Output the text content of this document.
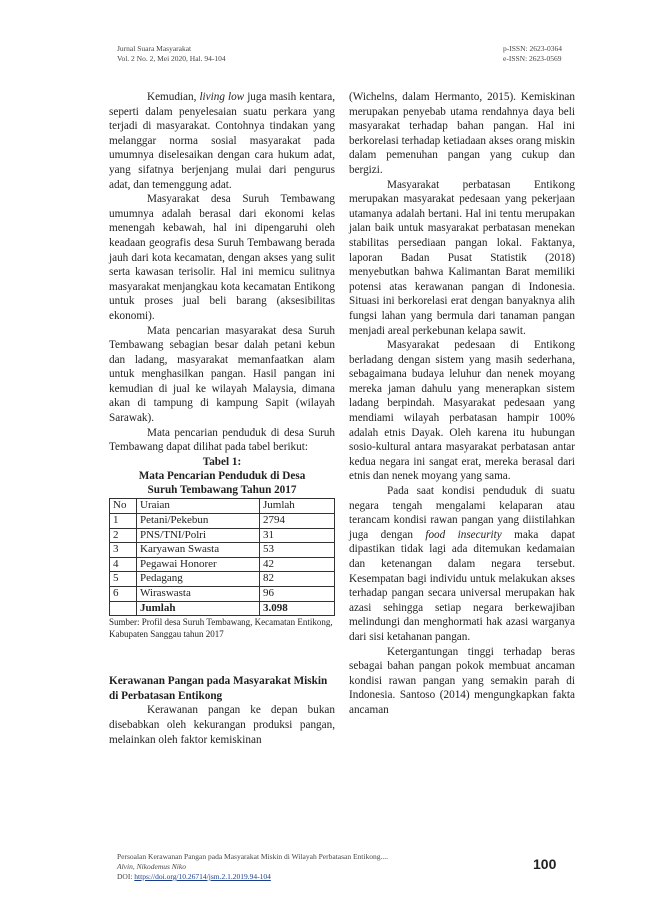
Jurnal Suara Masyarakat
Vol. 2 No. 2, Mei 2020, Hal. 94-104
p-ISSN: 2623-0364
e-ISSN: 2623-0569

Kemudian, living low juga masih kentara, seperti dalam penyelesaian suatu perkara yang terjadi di masyarakat. Contohnya tindakan yang melanggar norma sosial masyarakat pada umumnya diselesaikan dengan cara hukum adat, yang sifatnya berjenjang mulai dari pengurus adat, dan temenggung adat.

Masyarakat desa Suruh Tembawang umumnya adalah berasal dari ekonomi kelas menengah kebawah, hal ini dipengaruhi oleh keadaan geografis desa Suruh Tembawang berada jauh dari kota kecamatan, dengan akses yang sulit serta kawasan terisolir. Hal ini memicu sulitnya masyarakat menjangkau kota kecamatan Entikong untuk proses jual beli barang (aksesibilitas ekonomi).

Mata pencarian masyarakat desa Suruh Tembawang sebagian besar dalah petani kebun dan ladang, masyarakat memanfaatkan alam untuk menghasilkan pangan. Hasil pangan ini kemudian di jual ke wilayah Malaysia, dimana akan di tampung di kampung Sapit (wilayah Sarawak).

Mata pencarian penduduk di desa Suruh Tembawang dapat dilihat pada tabel berikut:

Tabel 1:
Mata Pencarian Penduduk di Desa
Suruh Tembawang Tahun 2017
No	Uraian	Jumlah
1	Petani/Pekebun	2794
2	PNS/TNI/Polri	31
3	Karyawan Swasta	53
4	Pegawai Honorer	42
5	Pedagang	82
6	Wiraswasta	96
	Jumlah	3.098

Sumber: Profil desa Suruh Tembawang, Kecamatan Entikong, Kabupaten Sanggau tahun 2017

Kerawanan Pangan pada Masyarakat Miskin di Perbatasan Entikong

Kerawanan pangan ke depan bukan disebabkan oleh kekurangan produksi pangan, melainkan oleh faktor kemiskinan

(Wichelns, dalam Hermanto, 2015). Kemiskinan merupakan penyebab utama rendahnya daya beli masyarakat terhadap bahan pangan. Hal ini berkorelasi terhadap ketiadaan akses orang miskin dalam pemenuhan pangan yang cukup dan bergizi.

Masyarakat perbatasan Entikong merupakan masyarakat pedesaan yang pekerjaan utamanya adalah bertani. Hal ini tentu merupakan jalan baik untuk masyarakat perbatasan menekan stabilitas persediaan pangan lokal. Faktanya, laporan Badan Pusat Statistik (2018) menyebutkan bahwa Kalimantan Barat memiliki potensi atas kerawanan pangan di Indonesia. Situasi ini berkorelasi erat dengan banyaknya alih fungsi lahan yang bermula dari tanaman pangan menjadi areal perkebunan kelapa sawit.

Masyarakat pedesaan di Entikong berladang dengan sistem yang masih sederhana, sebagaimana budaya leluhur dan nenek moyang mereka jaman dahulu yang menerapkan sistem ladang berpindah. Masyarakat pedesaan yang mendiami wilayah perbatasan hampir 100% adalah etnis Dayak. Oleh karena itu hubungan sosio-kultural antara masyarakat perbatasan antar kedua negara ini sangat erat, mereka berasal dari etnis dan nenek moyang yang sama.

Pada saat kondisi penduduk di suatu negara tengah mengalami kelaparan atau terancam kondisi rawan pangan yang diistilahkan juga dengan food insecurity maka dapat dipastikan tidak lagi ada ditemukan kedamaian dan ketenangan dalam negara tersebut. Kesempatan bagi individu untuk melakukan akses terhadap pangan secara universal merupakan hak azasi sehingga setiap negara berkewajiban melindungi dan menghormati hak azasi warganya dari sisi ketahanan pangan.

Ketergantungan tinggi terhadap beras sebagai bahan pangan pokok membuat ancaman kondisi rawan pangan yang semakin parah di Indonesia. Santoso (2014) mengungkapkan fakta ancaman

Persoalan Kerawanan Pangan pada Masyarakat Miskin di Wilayah Perbatasan Entikong....
Alvin, Nikodemus Niko
DOI: https://doi.org/10.26714/jsm.2.1.2019.94-104
100
